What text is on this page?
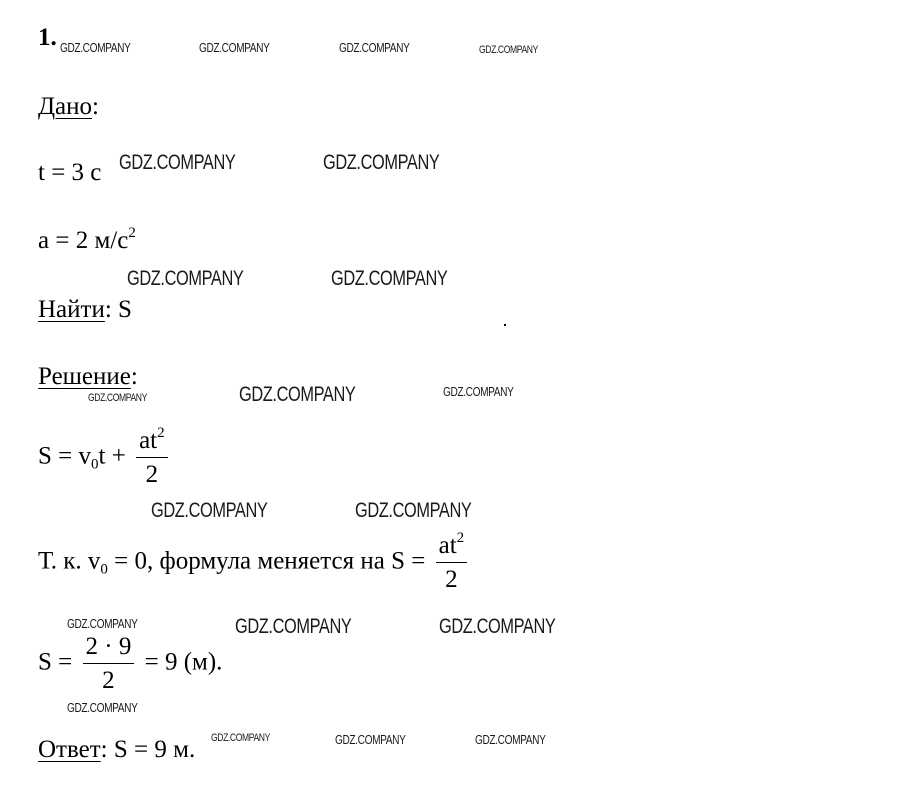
1.
Дано:
t = 3 с
a = 2 $м/с^2$
Найти: S
Решение:
$S = v_0t + \frac{at^2}{2}$
Т. к. $v_0 = 0$, формула меняется на $S = \frac{at^2}{2}$
$S = \frac{2 \cdot 9}{2} = 9$ (м).
Ответ: S = 9 м.
GDZ.COMPANY	GDZ.COMPANY	GDZ.COMPANY	GDZ.COMPANY
GDZ.COMPANY	GDZ.COMPANY
GDZ.COMPANY	GDZ.COMPANY
GDZ.COMPANY	GDZ.COMPANY	GDZ.COMPANY
GDZ.COMPANY	GDZ.COMPANY
GDZ.COMPANY	GDZ.COMPANY	GDZ.COMPANY
GDZ.COMPANY
GDZ.COMPANY	GDZ.COMPANY	GDZ.COMPANY
